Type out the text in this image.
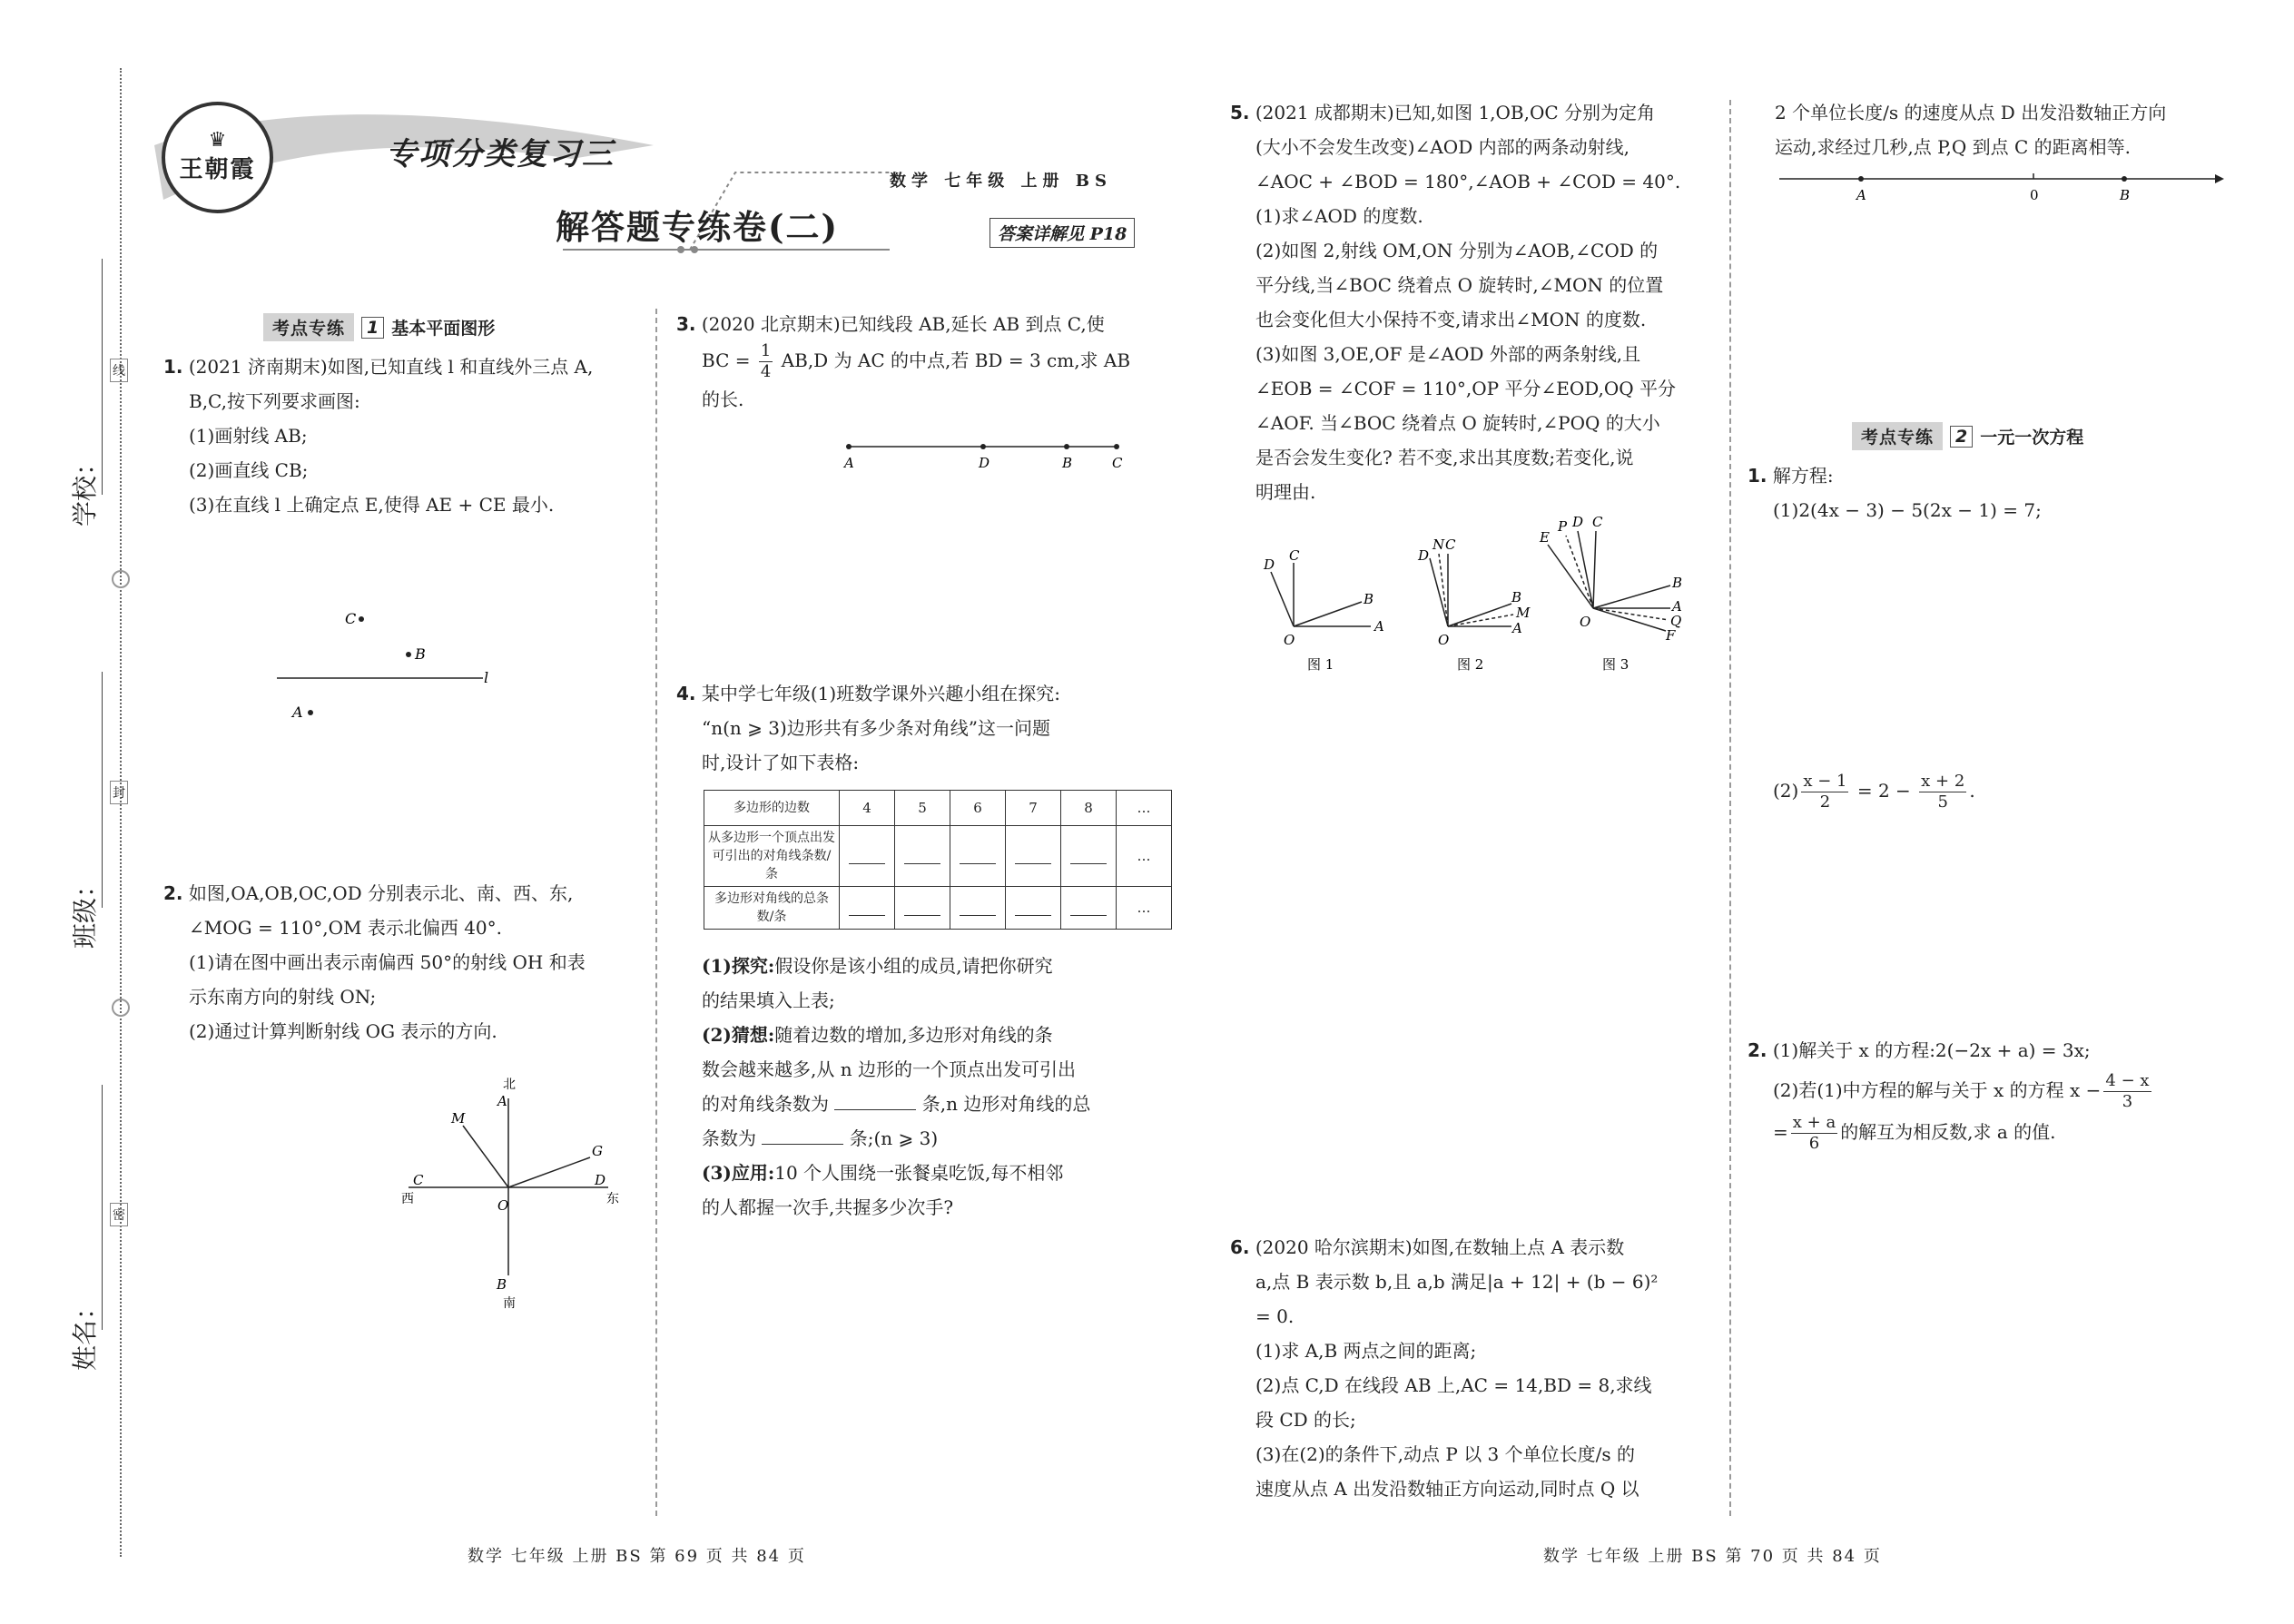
学校：
班级：
姓名：
线
封
密
♛
王朝霞	专项分类复习三
解答题专练卷(二)
数学 七年级 上册 BS
答案详解见 P18
考点专练	1 基本平面图形

1. (2021 济南期末)如图,已知直线 l 和直线外三点 A,

B,C,按下列要求画图:

(1)画射线 AB;

(2)画直线 CB;

(3)在直线 l 上确定点 E,使得 AE + CE 最小.

C
B
l
A

2. 如图,OA,OB,OC,OD 分别表示北、南、西、东,

∠MOG = 110°,OM 表示北偏西 40°.

(1)请在图中画出表示南偏西 50°的射线 OH 和表

示东南方向的射线 ON;

(2)通过计算判断射线 OG 表示的方向.

北
A
M
G
C
西
D
东
O
B
南

3. (2020 北京期末)已知线段 AB,延长 AB 到点 C,使

BC = $\frac{1}{4} AB,D$ 为 AC 的中点,若 BD = 3 cm,求 AB

的长.

A	D	B	C

4. 某中学七年级(1)班数学课外兴趣小组在探究:

“n(n ⩾ 3)边形共有多少条对角线”这一问题

时,设计了如下表格:

多边形的边数	4	5	6	7	8	…
从多边形一个顶点出发可引出的对角线条数/条						…
多边形对角线的总条数/条						…

(1)探究:假设你是该小组的成员,请把你研究

的结果填入上表;

(2)猜想:随着边数的增加,多边形对角线的条

数会越来越多,从 n 边形的一个顶点出发可引出

的对角线条数为	条,n 边形对角线的总

条数为	条;(n ⩾ 3)

(3)应用:10 个人围绕一张餐桌吃饭,每不相邻

的人都握一次手,共握多少次手?

5. (2021 成都期末)已知,如图 1,OB,OC 分别为定角

(大小不会发生改变)∠AOD 内部的两条动射线,

∠AOC + ∠BOD = 180°,∠AOB + ∠COD = 40°.

(1)求∠AOD 的度数.

(2)如图 2,射线 OM,ON 分别为∠AOB,∠COD 的

平分线,当∠BOC 绕着点 O 旋转时,∠MON 的位置

也会变化但大小保持不变,请求出∠MON 的度数.

(3)如图 3,OE,OF 是∠AOD 外部的两条射线,且

∠EOB = ∠COF = 110°,OP 平分∠EOD,OQ 平分

∠AOF. 当∠BOC 绕着点 O 旋转时,∠POQ 的大小

是否会发生变化? 若不变,求出其度数;若变化,说

明理由.

D
C
B
A
O
图 1
D
N C
B
M
A
O
图 2
E
P D C
B
A
Q
F
O
图 3

6. (2020 哈尔滨期末)如图,在数轴上点 A 表示数

a,点 B 表示数 b,且 a,b 满足|a + 12| + (b − 6)²

= 0.

(1)求 A,B 两点之间的距离;

(2)点 C,D 在线段 AB 上,AC = 14,BD = 8,求线

段 CD 的长;

(3)在(2)的条件下,动点 P 以 3 个单位长度/s 的

速度从点 A 出发沿数轴正方向运动,同时点 Q 以

2 个单位长度/s 的速度从点 D 出发沿数轴正方向

运动,求经过几秒,点 P,Q 到点 C 的距离相等.

A	0	B
考点专练	2 一元一次方程

1. 解方程:

(1)2(4x − 3) − 5(2x − 1) = 7;

$(2) \frac{x - 1}{2} = 2 - \frac{x + 2}{5}$ .

2. (1)解关于 x 的方程:2(−2x + a) = 3x;

(2)若(1)中方程的解与关于 x 的方程 $x - \frac{4 - x}{3}$

= $\frac{x + a}{6}$ 的解互为相反数,求 a 的值.

数学 七年级 上册 BS 第 69 页 共 84 页	数学 七年级 上册 BS 第 70 页 共 84 页
